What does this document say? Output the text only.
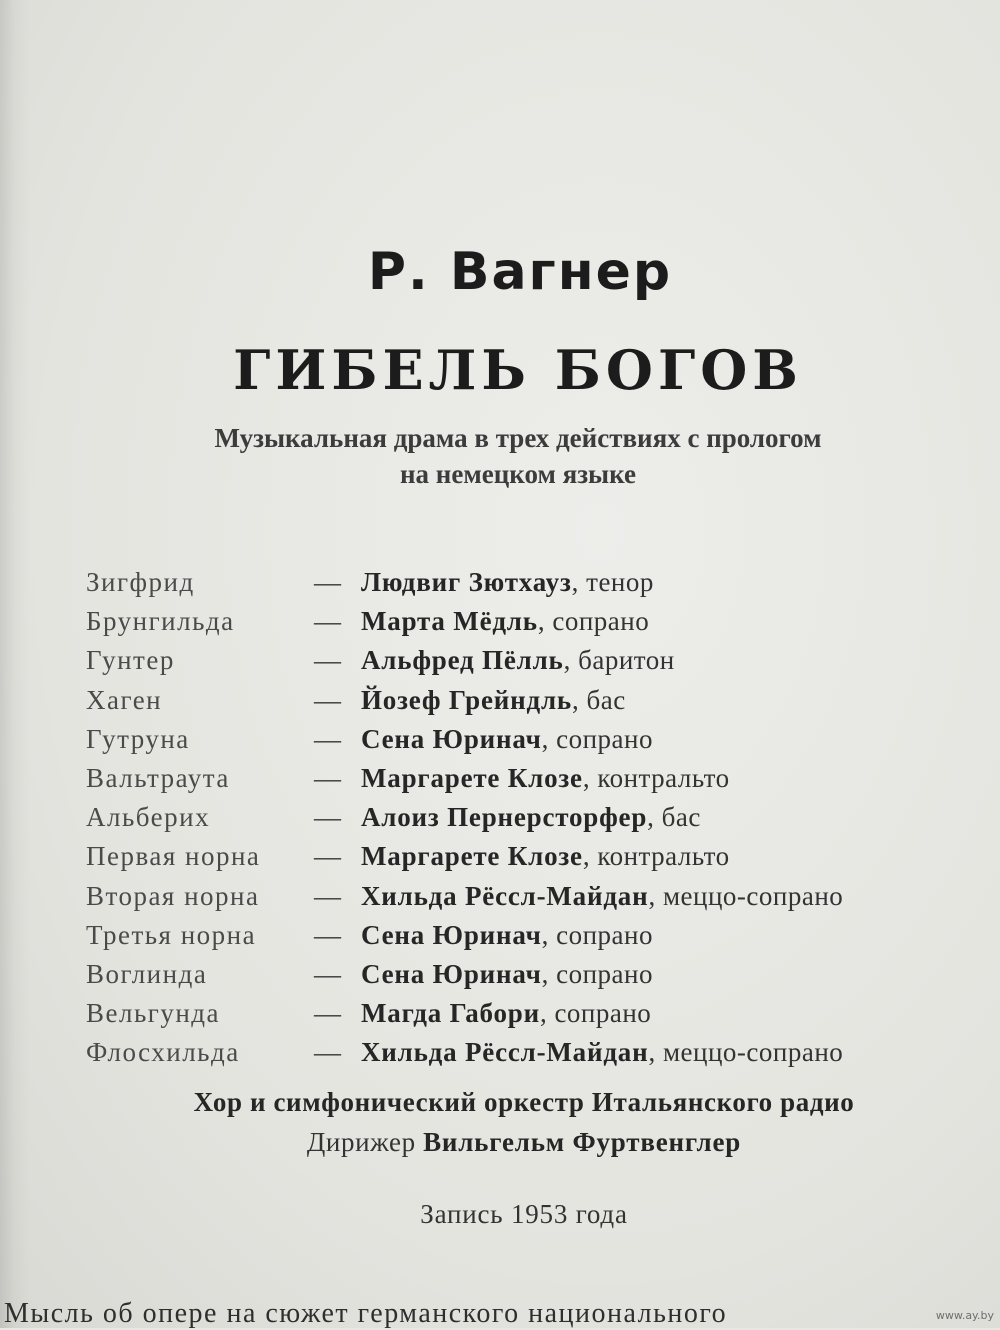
Р. Вагнер
ГИБЕЛЬ БОГОВ
Музыкальная драма в трех действиях с прологом
на немецком языке
Зигфрид	— Людвиг Зютхауз, тенор
Брунгильда	— Марта Мёдль, сопрано
Гунтер	— Альфред Пёлль, баритон
Хаген	— Йозеф Грейндль, бас
Гутруна	— Сена Юринач, сопрано
Вальтраута	— Маргарете Клозе, контральто
Альберих	— Алоиз Пернерсторфер, бас
Первая норна — Маргарете Клозе, контральто
Вторая норна — Хильда Рёссл-Майдан, меццо-сопрано
Третья норна — Сена Юринач, сопрано
Воглинда	— Сена Юринач, сопрано
Вельгунда	— Магда Габори, сопрано
Флосхильда	— Хильда Рёссл-Майдан, меццо-сопрано
Хор и симфонический оркестр Итальянского радио
Дирижер Вильгельм Фуртвенглер
Запись 1953 года
Мысль об опере на сюжет германского национального	www.ay.by
